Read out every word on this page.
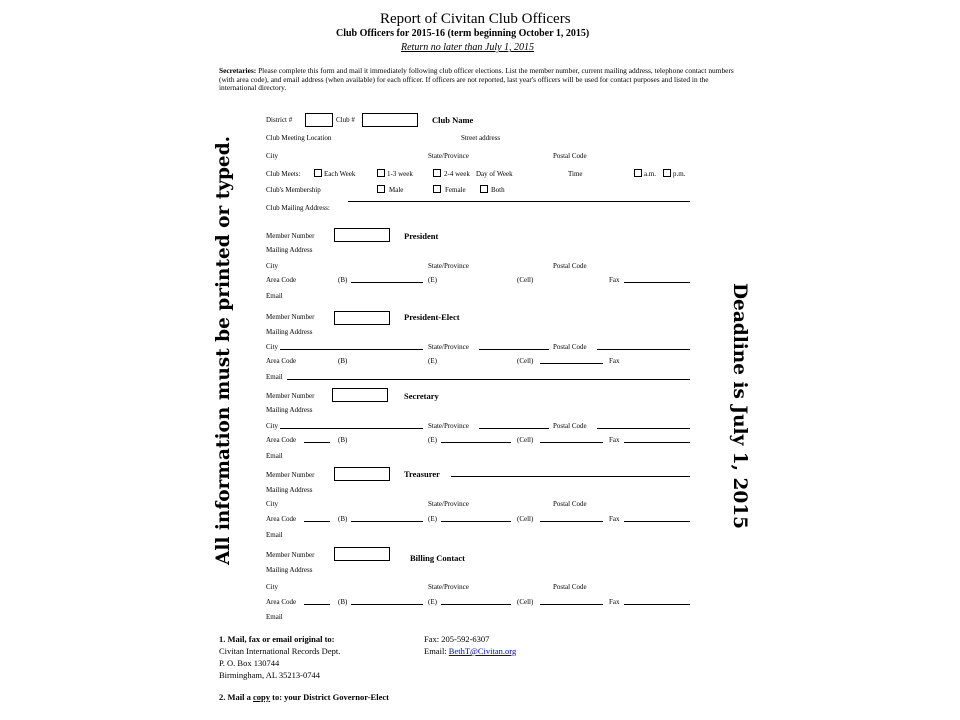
Report of Civitan Club Officers
Club Officers for 2015-16 (term beginning October 1, 2015)
Return no later than July 1, 2015
Secretaries: Please complete this form and mail it immediately following club officer elections. List the member number, current mailing address, telephone contact numbers (with area code), and email address (when available) for each officer. If officers are not reported, last year's officers will be used for contact purposes and listed in the international directory.
All information must be printed or typed.	Deadline is July 1, 2015
District #	Club #	Club Name
Club Meeting Location	Street address
City	State/Province	Postal Code
Club Meets:	Each Week	1-3 week	2-4 week Day of Week	Time	a.m. p.m.
Club's Membership	Male	Female	Both
Club Mailing Address:
Member Number	President
Mailing Address
City	State/Province	Postal Code
Area Code	(B)	(E)	(Cell)	Fax
Email
Member Number	President-Elect
Mailing Address
City	State/Province	Postal Code
Area Code	(B)	(E)	(Cell)	Fax
Email
Member Number	Secretary
Mailing Address
City	State/Province	Postal Code
Area Code	(B)	(E)	(Cell)	Fax
Email
Member Number	Treasurer
Mailing Address
City	State/Province	Postal Code
Area Code	(B)	(E)	(Cell)	Fax
Email
Member Number	Billing Contact
Mailing Address
City	State/Province	Postal Code
Area Code	(B)	(E)	(Cell)	Fax
Email
1. Mail, fax or email original to:
Civitan International Records Dept.
P. O. Box 130744
Birmingham, AL 35213-0744
Fax: 205-592-6307
Email: BethT@Civitan.org
2. Mail a copy to: your District Governor-Elect
